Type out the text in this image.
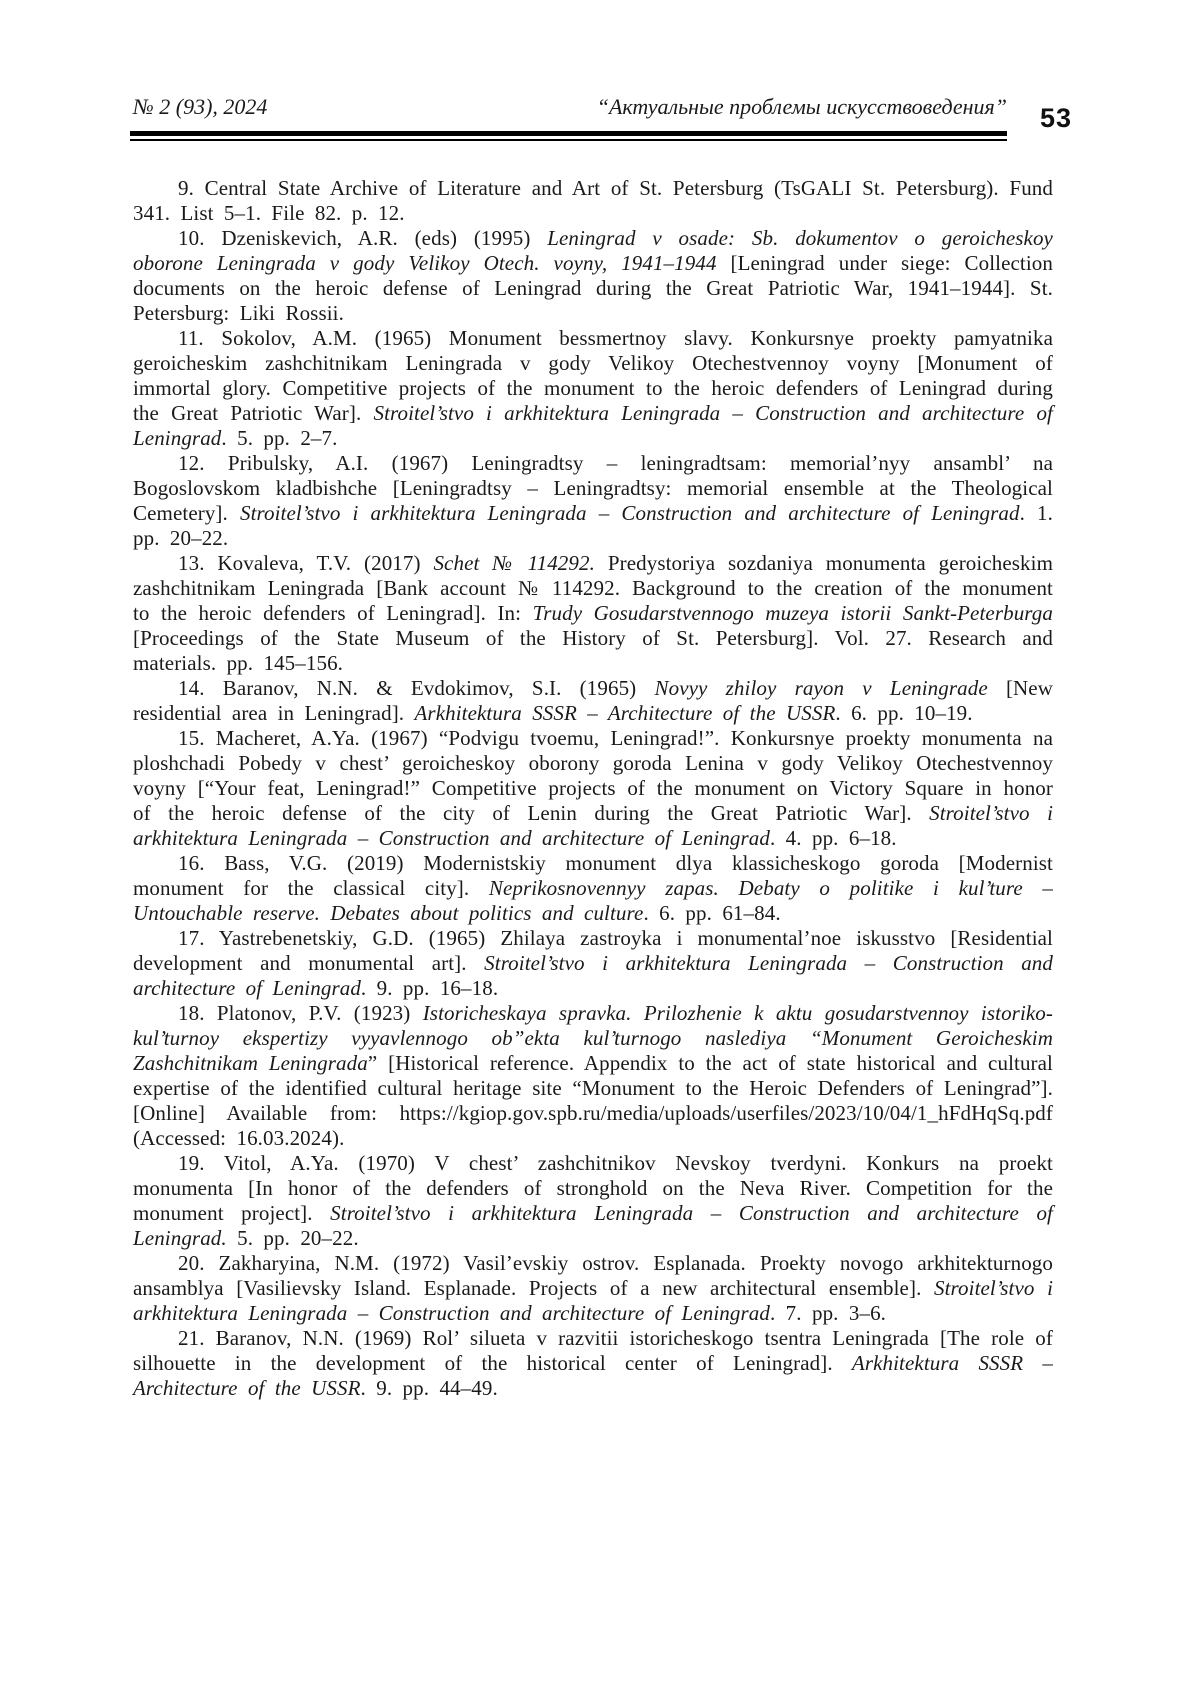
№ 2 (93), 2024	“Актуальные проблемы искусствоведения” 53

9. Central State Archive of Literature and Art of St. Petersburg (TsGALI St. Petersburg). Fund 341. List 5–1. File 82. p. 12.

10. Dzeniskevich, A.R. (eds) (1995) Leningrad v osade: Sb. dokumentov o geroicheskoy oborone Leningrada v gody Velikoy Otech. voyny, 1941–1944 [Leningrad under siege: Collection documents on the heroic defense of Leningrad during the Great Patriotic War, 1941–1944]. St. Petersburg: Liki Rossii.

11. Sokolov, A.M. (1965) Monument bessmertnoy slavy. Konkursnye proekty pamyatnika geroicheskim zashchitnikam Leningrada v gody Velikoy Otechestvennoy voyny [Monument of immortal glory. Competitive projects of the monument to the heroic defenders of Leningrad during the Great Patriotic War]. Stroitel’stvo i arkhitektura Leningrada – Construction and architecture of Leningrad. 5. pp. 2–7.

12. Pribulsky, A.I. (1967) Leningradtsy – leningradtsam: memorial’nyy ansambl’ na Bogoslovskom kladbishche [Leningradtsy – Leningradtsy: memorial ensemble at the Theological Cemetery]. Stroitel’stvo i arkhitektura Leningrada – Construction and architecture of Leningrad. 1. pp. 20–22.

13. Kovaleva, T.V. (2017) Schet № 114292. Predystoriya sozdaniya monumenta geroicheskim zashchitnikam Leningrada [Bank account № 114292. Background to the creation of the monument to the heroic defenders of Leningrad]. In: Trudy Gosudarstvennogo muzeya istorii Sankt-Peterburga [Proceedings of the State Museum of the History of St. Petersburg]. Vol. 27. Research and materials. pp. 145–156.

14. Baranov, N.N. & Evdokimov, S.I. (1965) Novyy zhiloy rayon v Leningrade [New residential area in Leningrad]. Arkhitektura SSSR – Architecture of the USSR. 6. pp. 10–19.

15. Macheret, A.Ya. (1967) “Podvigu tvoemu, Leningrad!”. Konkursnye proekty monumenta na ploshchadi Pobedy v chest’ geroicheskoy oborony goroda Lenina v gody Velikoy Otechestvennoy voyny [“Your feat, Leningrad!” Competitive projects of the monument on Victory Square in honor of the heroic defense of the city of Lenin during the Great Patriotic War]. Stroitel’stvo i arkhitektura Leningrada – Construction and architecture of Leningrad. 4. pp. 6–18.

16. Bass, V.G. (2019) Modernistskiy monument dlya klassicheskogo goroda [Modernist monument for the classical city]. Neprikosnovennyy zapas. Debaty o politike i kul’ture – Untouchable reserve. Debates about politics and culture. 6. pp. 61–84.

17. Yastrebenetskiy, G.D. (1965) Zhilaya zastroyka i monumental’noe iskusstvo [Residential development and monumental art]. Stroitel’stvo i arkhitektura Leningrada – Construction and architecture of Leningrad. 9. pp. 16–18.

18. Platonov, P.V. (1923) Istoricheskaya spravka. Prilozhenie k aktu gosudarstvennoy istoriko-kul’turnoy ekspertizy vyyavlennogo ob”ekta kul’turnogo naslediya “Monument Geroicheskim Zashchitnikam Leningrada” [Historical reference. Appendix to the act of state historical and cultural expertise of the identified cultural heritage site “Monument to the Heroic Defenders of Leningrad”]. [Online] Available from: https://kgiop.gov.spb.ru/media/uploads/userfiles/2023/10/04/1_hFdHqSq.pdf (Accessed: 16.03.2024).

19. Vitol, A.Ya. (1970) V chest’ zashchitnikov Nevskoy tverdyni. Konkurs na proekt monumenta [In honor of the defenders of stronghold on the Neva River. Competition for the monument project]. Stroitel’stvo i arkhitektura Leningrada – Construction and architecture of Leningrad. 5. pp. 20–22.

20. Zakharyina, N.M. (1972) Vasil’evskiy ostrov. Esplanada. Proekty novogo arkhitekturnogo ansamblya [Vasilievsky Island. Esplanade. Projects of a new architectural ensemble]. Stroitel’stvo i arkhitektura Leningrada – Construction and architecture of Leningrad. 7. pp. 3–6.

21. Baranov, N.N. (1969) Rol’ silueta v razvitii istoricheskogo tsentra Leningrada [The role of silhouette in the development of the historical center of Leningrad]. Arkhitektura SSSR – Architecture of the USSR. 9. pp. 44–49.
